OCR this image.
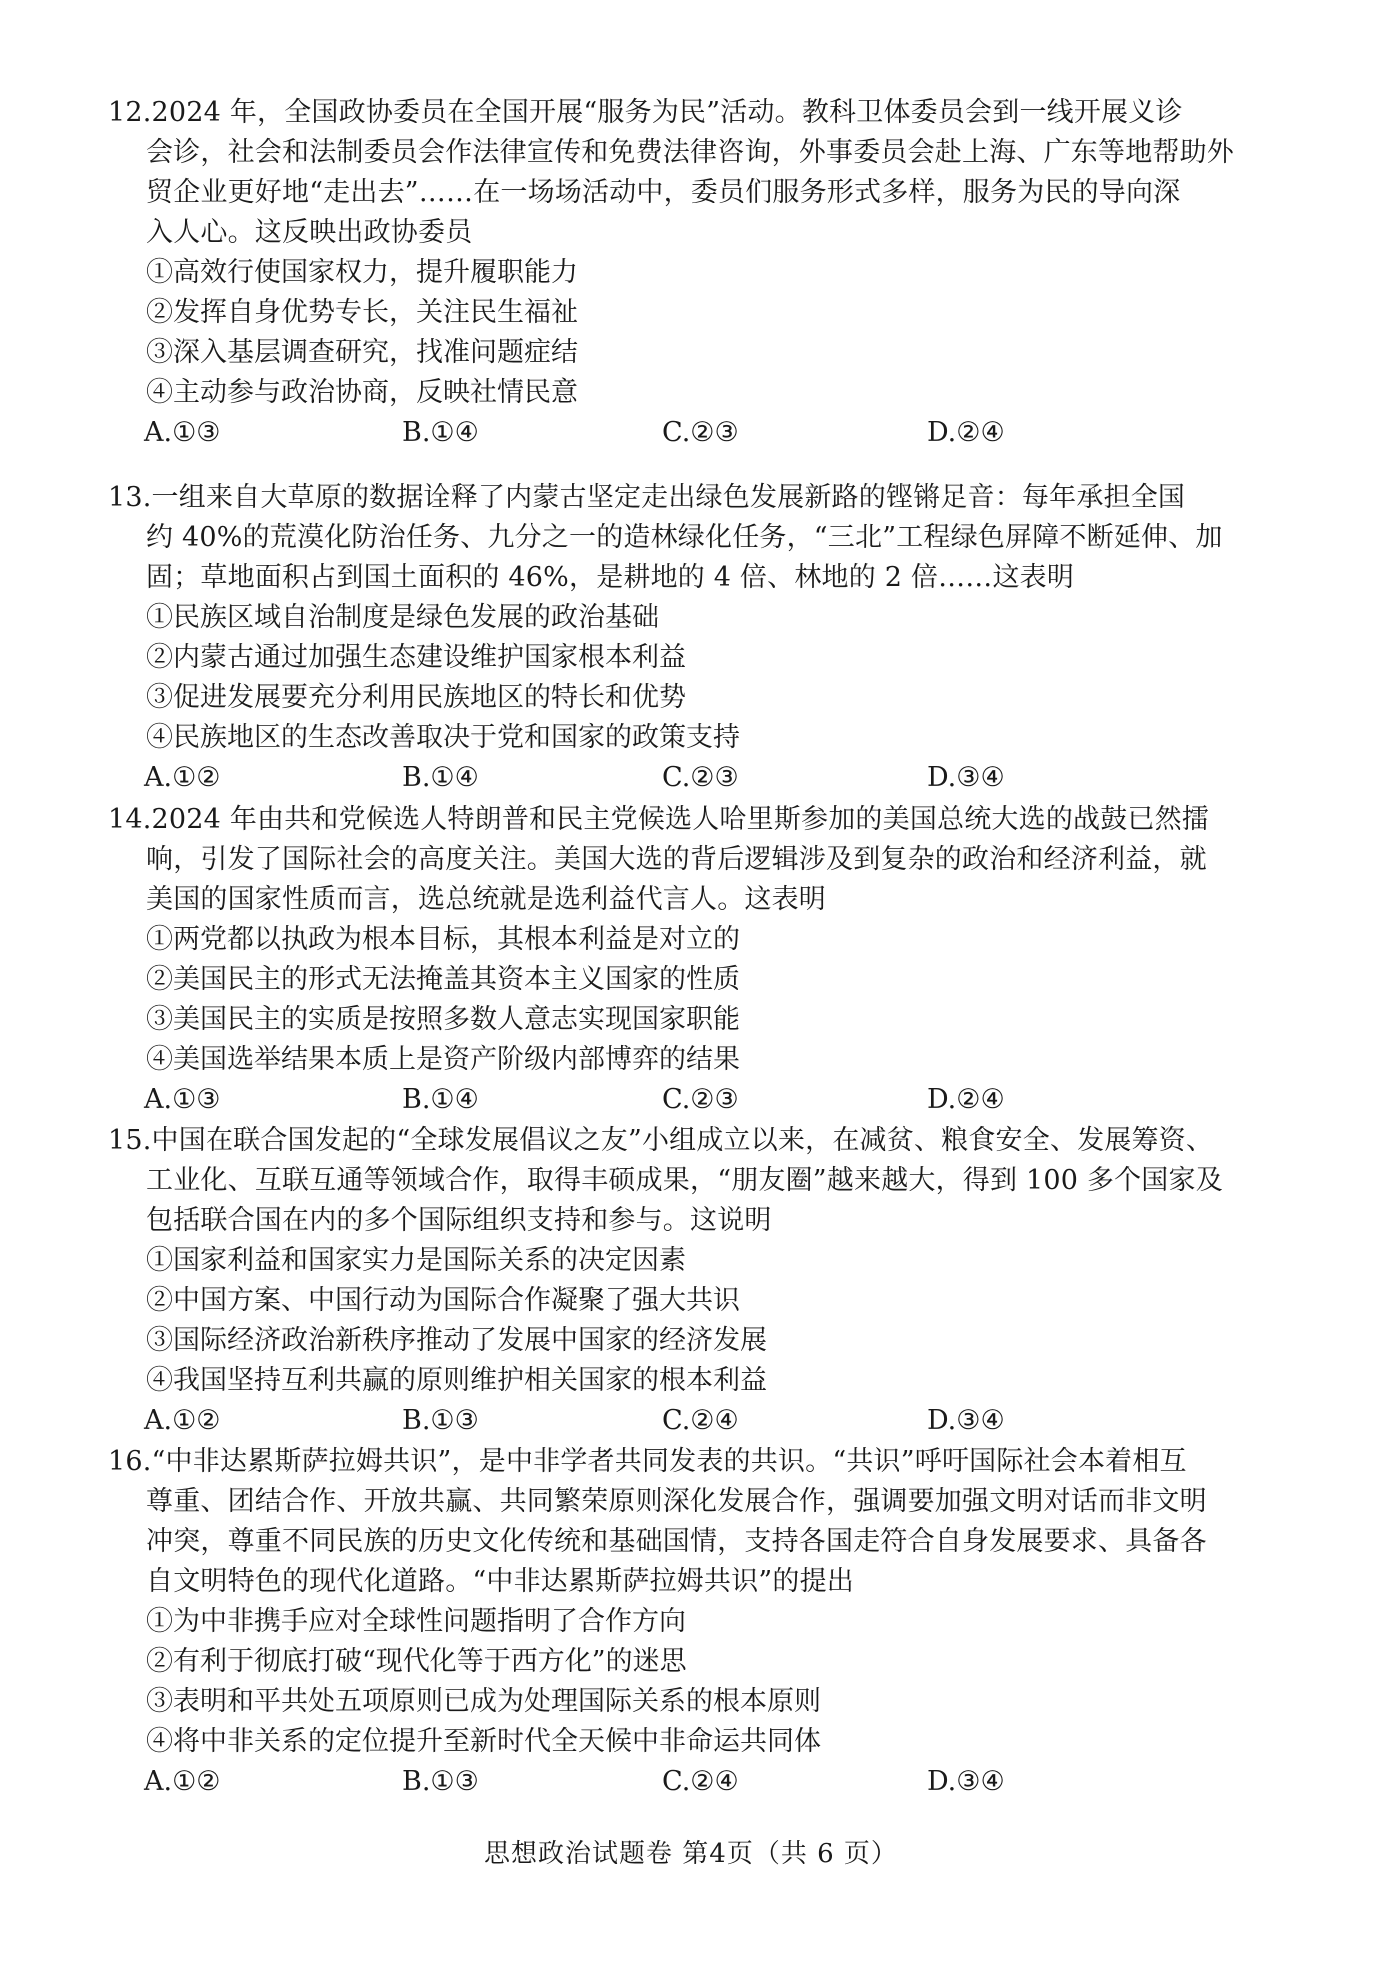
12.2024 年，全国政协委员在全国开展“服务为民”活动。教科卫体委员会到一线开展义诊
会诊，社会和法制委员会作法律宣传和免费法律咨询，外事委员会赴上海、广东等地帮助外
贸企业更好地“走出去”……在一场场活动中，委员们服务形式多样，服务为民的导向深
入人心。这反映出政协委员
①高效行使国家权力，提升履职能力
②发挥自身优势专长，关注民生福祉
③深入基层调查研究，找准问题症结
④主动参与政治协商，反映社情民意
A.①③	B.①④	C.②③	D.②④
13.一组来自大草原的数据诠释了内蒙古坚定走出绿色发展新路的铿锵足音：每年承担全国
约 40%的荒漠化防治任务、九分之一的造林绿化任务，“三北”工程绿色屏障不断延伸、加
固；草地面积占到国土面积的 46%，是耕地的 4 倍、林地的 2 倍……这表明
①民族区域自治制度是绿色发展的政治基础
②内蒙古通过加强生态建设维护国家根本利益
③促进发展要充分利用民族地区的特长和优势
④民族地区的生态改善取决于党和国家的政策支持
A.①②	B.①④	C.②③	D.③④
14.2024 年由共和党候选人特朗普和民主党候选人哈里斯参加的美国总统大选的战鼓已然擂
响，引发了国际社会的高度关注。美国大选的背后逻辑涉及到复杂的政治和经济利益，就
美国的国家性质而言，选总统就是选利益代言人。这表明
①两党都以执政为根本目标，其根本利益是对立的
②美国民主的形式无法掩盖其资本主义国家的性质
③美国民主的实质是按照多数人意志实现国家职能
④美国选举结果本质上是资产阶级内部博弈的结果
A.①③	B.①④	C.②③	D.②④
15.中国在联合国发起的“全球发展倡议之友”小组成立以来，在减贫、粮食安全、发展筹资、
工业化、互联互通等领域合作，取得丰硕成果，“朋友圈”越来越大，得到 100 多个国家及
包括联合国在内的多个国际组织支持和参与。这说明
①国家利益和国家实力是国际关系的决定因素
②中国方案、中国行动为国际合作凝聚了强大共识
③国际经济政治新秩序推动了发展中国家的经济发展
④我国坚持互利共赢的原则维护相关国家的根本利益
A.①②	B.①③	C.②④	D.③④
16.“中非达累斯萨拉姆共识”，是中非学者共同发表的共识。“共识”呼吁国际社会本着相互
尊重、团结合作、开放共赢、共同繁荣原则深化发展合作，强调要加强文明对话而非文明
冲突，尊重不同民族的历史文化传统和基础国情，支持各国走符合自身发展要求、具备各
自文明特色的现代化道路。“中非达累斯萨拉姆共识”的提出
①为中非携手应对全球性问题指明了合作方向
②有利于彻底打破“现代化等于西方化”的迷思
③表明和平共处五项原则已成为处理国际关系的根本原则
④将中非关系的定位提升至新时代全天候中非命运共同体
A.①②	B.①③	C.②④	D.③④
思想政治试题卷 第4页（共 6 页）
